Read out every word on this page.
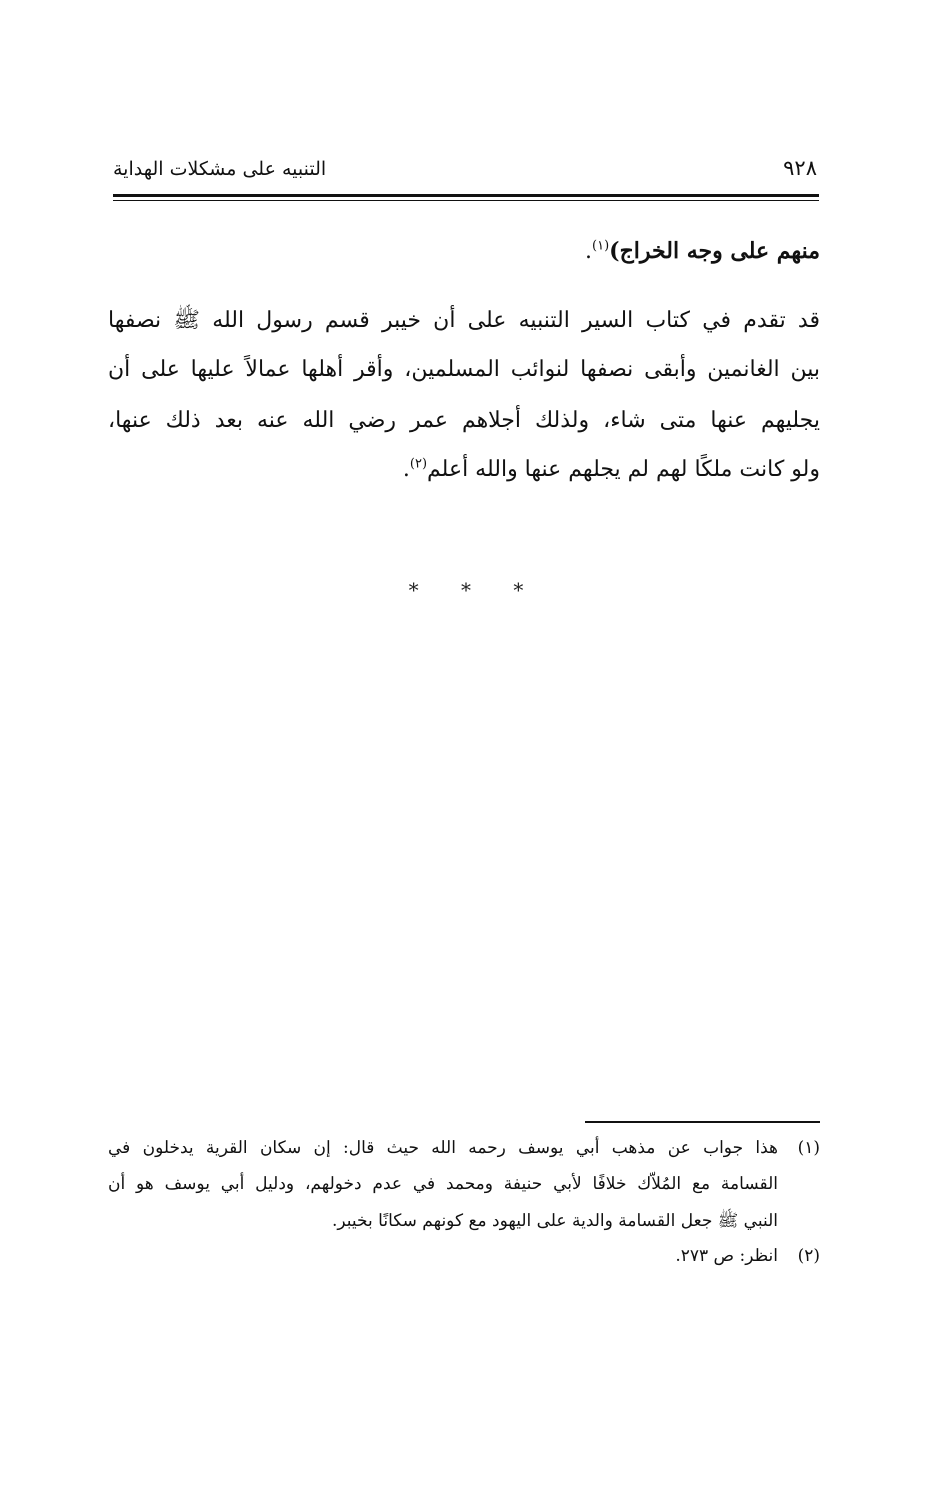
التنبيه على مشكلات الهداية	٩٢٨
منهم على وجه الخراج)$^{(١)}$.
قد تقدم في كتاب السير التنبيه على أن خيبر قسم رسول الله ﷺ نصفها
بين الغانمين وأبقى نصفها لنوائب المسلمين، وأقر أهلها عمالاً عليها على أن
يجليهم عنها متى شاء، ولذلك أجلاهم عمر رضي الله عنه بعد ذلك عنها،
ولو كانت ملكًا لهم لم يجلهم عنها والله أعلم$^{(٢)}$.
* * *
(١)
هذا جواب عن مذهب أبي يوسف رحمه الله حيث قال: إن سكان القرية يدخلون في
القسامة مع المُلاّك خلافًا لأبي حنيفة ومحمد في عدم دخولهم، ودليل أبي يوسف هو أن
النبي ﷺ جعل القسامة والدية على اليهود مع كونهم سكانًا بخيبر.
(٢)
انظر: ص ٢٧٣.
